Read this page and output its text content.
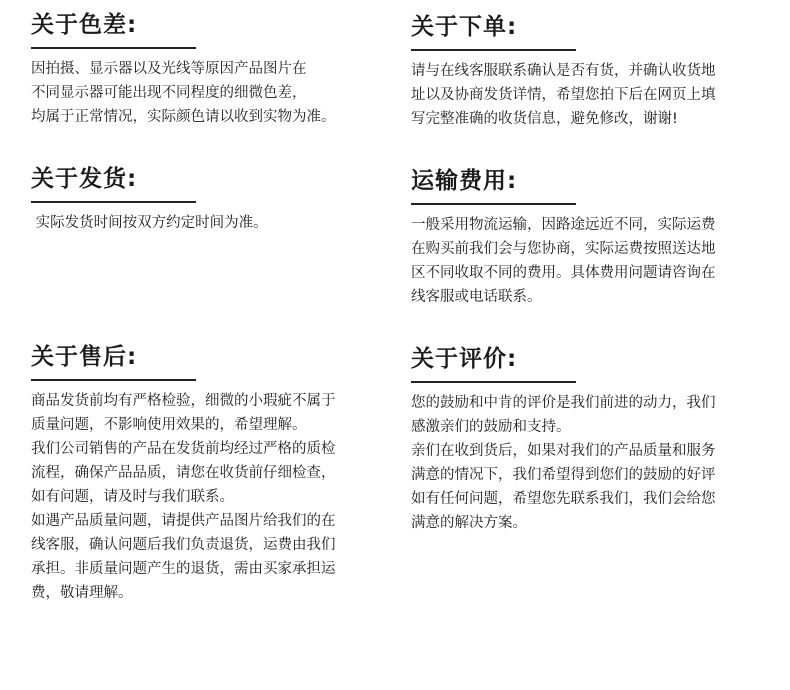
关于色差:
因拍摄、显示器以及光线等原因产品图片在
不同显示器可能出现不同程度的细微色差，
均属于正常情况，实际颜色请以收到实物为准。
关于下单:
请与在线客服联系确认是否有货，并确认收货地
址以及协商发货详情，希望您拍下后在网页上填
写完整准确的收货信息，避免修改，谢谢!
关于发货:
实际发货时间按双方约定时间为准。
运输费用:
一般采用物流运输，因路途远近不同，实际运费
在购买前我们会与您协商，实际运费按照送达地
区不同收取不同的费用。具体费用问题请咨询在
线客服或电话联系。
关于售后:
商品发货前均有严格检验，细微的小瑕疵不属于
质量问题，不影响使用效果的，希望理解。
我们公司销售的产品在发货前均经过严格的质检
流程，确保产品品质，请您在收货前仔细检查，
如有问题，请及时与我们联系。
如遇产品质量问题，请提供产品图片给我们的在
线客服，确认问题后我们负责退货，运费由我们
承担。非质量问题产生的退货，需由买家承担运
费，敬请理解。
关于评价:
您的鼓励和中肯的评价是我们前进的动力，我们
感激亲们的鼓励和支持。
亲们在收到货后，如果对我们的产品质量和服务
满意的情况下，我们希望得到您们的鼓励的好评
如有任何问题，希望您先联系我们，我们会给您
满意的解决方案。
